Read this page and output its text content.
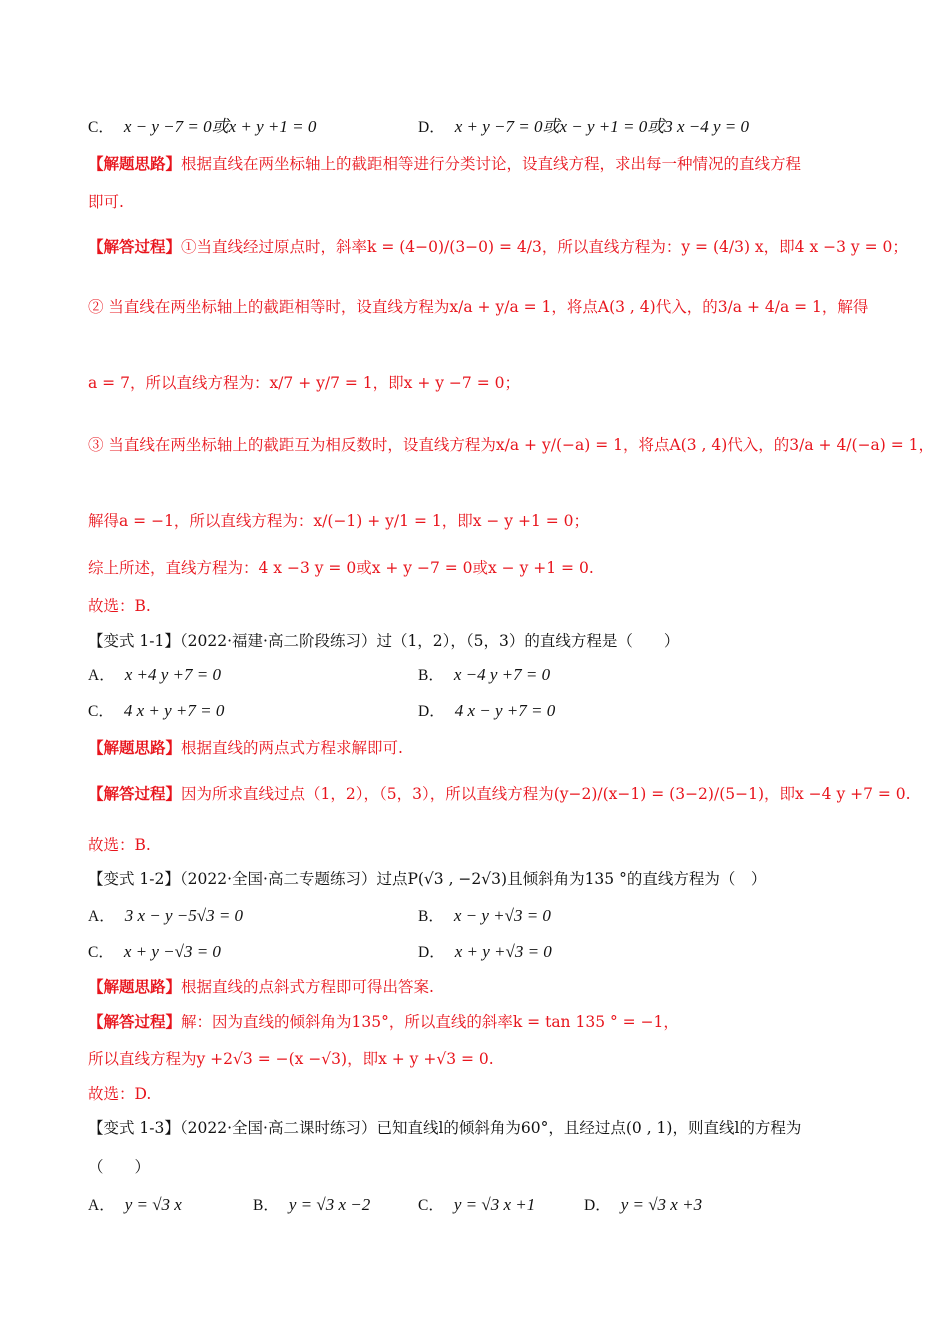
C． x − y −7 = 0或x + y +1 = 0	D． x + y −7 = 0或x − y +1 = 0或3 x −4 y = 0
【解题思路】根据直线在两坐标轴上的截距相等进行分类讨论，设直线方程，求出每一种情况的直线方程
即可.
【解答过程】①当直线经过原点时，斜率k = (4−0)/(3−0) = 4/3，所以直线方程为：y = (4/3) x，即4 x −3 y = 0；
② 当直线在两坐标轴上的截距相等时，设直线方程为x/a + y/a = 1，将点A(3 , 4)代入，的3/a + 4/a = 1，解得
a = 7，所以直线方程为：x/7 + y/7 = 1，即x + y −7 = 0；
③ 当直线在两坐标轴上的截距互为相反数时，设直线方程为x/a + y/(−a) = 1，将点A(3 , 4)代入，的3/a + 4/(−a) = 1，
解得a = −1，所以直线方程为：x/(−1) + y/1 = 1，即x − y +1 = 0；
综上所述，直线方程为：4 x −3 y = 0或x + y −7 = 0或x − y +1 = 0.
故选：B.
【变式 1-1】（2022·福建·高二阶段练习）过（1，2），（5，3）的直线方程是（　　）
A． x +4 y +7 = 0	B． x −4 y +7 = 0
C． 4 x + y +7 = 0	D． 4 x − y +7 = 0
【解题思路】根据直线的两点式方程求解即可.
【解答过程】因为所求直线过点（1，2），（5，3），所以直线方程为(y−2)/(x−1) = (3−2)/(5−1)，即x −4 y +7 = 0.
故选：B.
【变式 1-2】（2022·全国·高二专题练习）过点P(√3 , −2√3)且倾斜角为135 °的直线方程为（　）
A． 3 x − y −5√3 = 0	B． x − y +√3 = 0
C． x + y −√3 = 0	D． x + y +√3 = 0
【解题思路】根据直线的点斜式方程即可得出答案.
【解答过程】解：因为直线的倾斜角为135°，所以直线的斜率k = tan 135 ° = −1，
所以直线方程为y +2√3 = −(x −√3)，即x + y +√3 = 0.
故选：D.
【变式 1-3】（2022·全国·高二课时练习）已知直线l的倾斜角为60°，且经过点(0 , 1)，则直线l的方程为
（　　）
A． y = √3 x	B． y = √3 x −2	C． y = √3 x +1	D． y = √3 x +3
